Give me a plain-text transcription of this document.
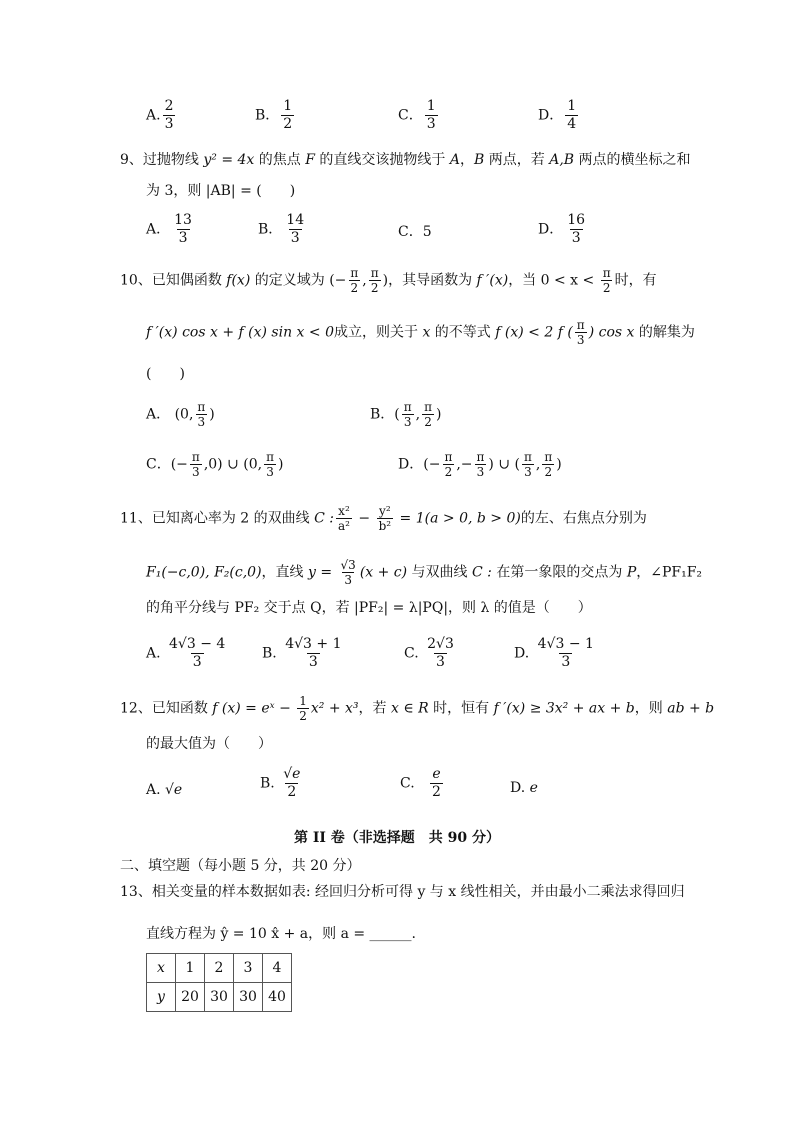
A. $\frac{2}{3}$	B． $\frac{1}{2}$	C． $\frac{1}{3}$	D． $\frac{1}{4}$
9、过抛物线 y² = 4x 的焦点 F 的直线交该抛物线于 A，B 两点，若 A,B 两点的横坐标之和
为 3，则 |AB| = (　　)
A． $\frac{13}{3}$	B． $\frac{14}{3}$	C．5	D． $\frac{16}{3}$
10、已知偶函数 f(x) 的定义域为 (− $\frac{\pi}{2}$ , $\frac{\pi}{2}$ )，其导函数为 f ′(x)，当 $0 < x < \frac{\pi}{2}$ 时，有
f ′(x) cos x + f (x) sin x < 0成立，则关于 x 的不等式 f (x) < 2 f ( $\frac{\pi}{3}$ ) cos x 的解集为
(　　)
A． (0, $\frac{\pi}{3}$ )	B．( $\frac{\pi}{3}$ , $\frac{\pi}{2}$ )
C．(− $\frac{\pi}{3} ,0$) ∪ (0, $\frac{\pi}{3}$ )	D．(− $\frac{\pi}{2}$ ,− $\frac{\pi}{3}$ ) ∪ ( $\frac{\pi}{3}$ , $\frac{\pi}{2}$ )
11、已知离心率为 2 的双曲线 C : $\frac{\text{x²}}{\text{a²}} - \frac{\text{y²}}{\text{b²}} = 1(a > 0$, b > 0)的左、右焦点分别为
F₁(−c,0), F₂(c,0)，直线 $y = \frac{√3}{3} (x + c)$ 与双曲线 C : 在第一象限的交点为 P，∠PF₁F₂
的角平分线与 PF₂ 交于点 Q，若 |PF₂| = λ|PQ|，则 λ 的值是（　　）
A. $\frac{4√3 - 4}{3} B$. $\frac{4√3 + 1}{3}$	C. $\frac{2√3}{3}$	D. $\frac{4√3 - 1}{3}$
12、已知函数 f (x) = eˣ − $\frac{1}{2} x^2 + x^3$，若 x ∈ R 时，恒有 f ′(x) ≥ 3x² + ax + b，则 ab + b
的最大值为（　　）
A. √e	B. $\frac{√e}{2}$	C. $\frac{e}{2}$	D. e
第 II 卷（非选择题　共 90 分）
二、填空题（每小题 5 分，共 20 分）
13、相关变量的样本数据如表: 经回归分析可得 y 与 x 线性相关，并由最小二乘法求得回归
直线方程为 ŷ = 10 x̂ + a，则 a = ______.
x	1	2	3	4
y	20	30	30	40
